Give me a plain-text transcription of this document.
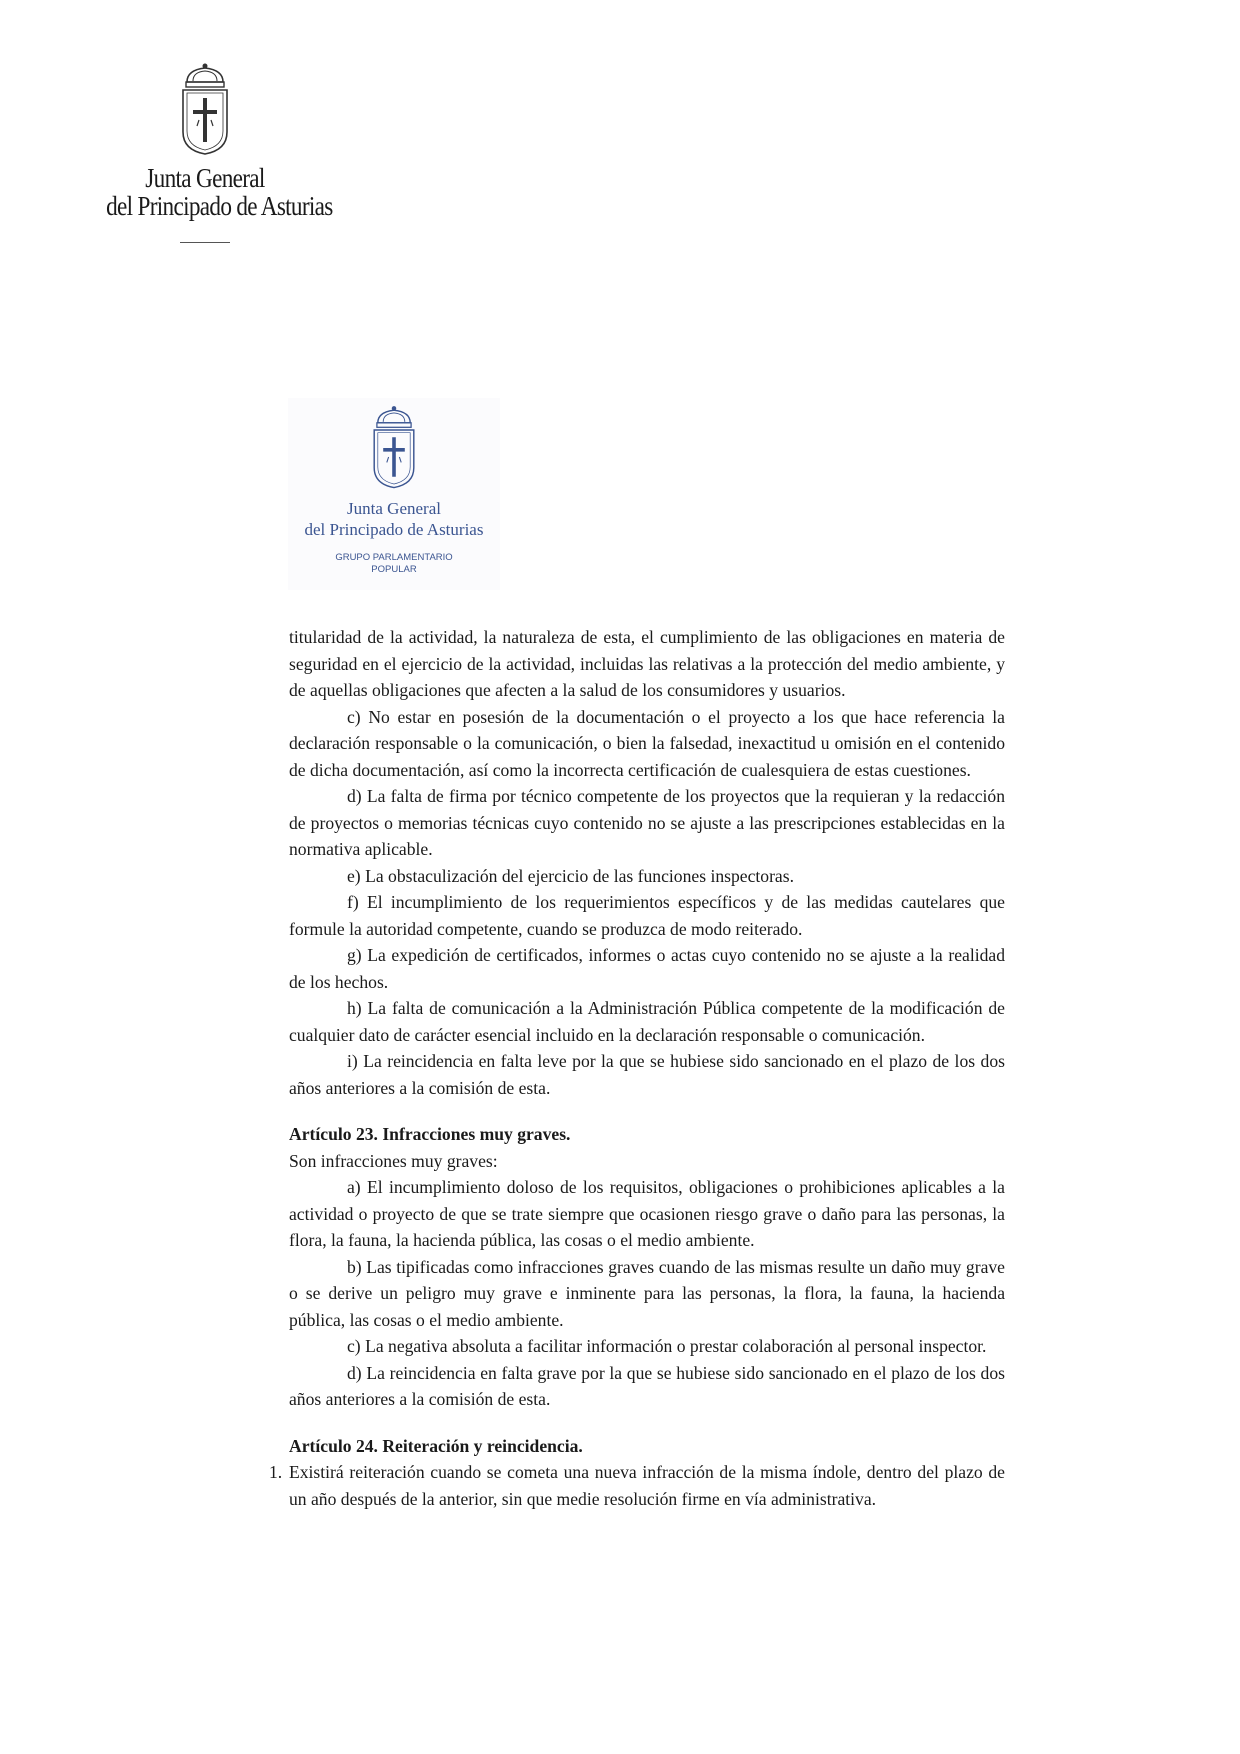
Junta General
del Principado de Asturias
Junta General
del Principado de Asturias
GRUPO PARLAMENTARIO
POPULAR

titularidad de la actividad, la naturaleza de esta, el cumplimiento de las obligaciones en materia de seguridad en el ejercicio de la actividad, incluidas las relativas a la protección del medio ambiente, y de aquellas obligaciones que afecten a la salud de los consumidores y usuarios.

c) No estar en posesión de la documentación o el proyecto a los que hace referencia la declaración responsable o la comunicación, o bien la falsedad, inexactitud u omisión en el contenido de dicha documentación, así como la incorrecta certificación de cualesquiera de estas cuestiones.

d) La falta de firma por técnico competente de los proyectos que la requieran y la redacción de proyectos o memorias técnicas cuyo contenido no se ajuste a las prescripciones establecidas en la normativa aplicable.

e) La obstaculización del ejercicio de las funciones inspectoras.

f) El incumplimiento de los requerimientos específicos y de las medidas cautelares que formule la autoridad competente, cuando se produzca de modo reiterado.

g) La expedición de certificados, informes o actas cuyo contenido no se ajuste a la realidad de los hechos.

h) La falta de comunicación a la Administración Pública competente de la modificación de cualquier dato de carácter esencial incluido en la declaración responsable o comunicación.

i) La reincidencia en falta leve por la que se hubiese sido sancionado en el plazo de los dos años anteriores a la comisión de esta.

Artículo 23. Infracciones muy graves.

Son infracciones muy graves:

a) El incumplimiento doloso de los requisitos, obligaciones o prohibiciones aplicables a la actividad o proyecto de que se trate siempre que ocasionen riesgo grave o daño para las personas, la flora, la fauna, la hacienda pública, las cosas o el medio ambiente.

b) Las tipificadas como infracciones graves cuando de las mismas resulte un daño muy grave o se derive un peligro muy grave e inminente para las personas, la flora, la fauna, la hacienda pública, las cosas o el medio ambiente.

c) La negativa absoluta a facilitar información o prestar colaboración al personal inspector.

d) La reincidencia en falta grave por la que se hubiese sido sancionado en el plazo de los dos años anteriores a la comisión de esta.

Artículo 24. Reiteración y reincidencia.
1. Existirá reiteración cuando se cometa una nueva infracción de la misma índole, dentro del plazo de un año después de la anterior, sin que medie resolución firme en vía administrativa.
